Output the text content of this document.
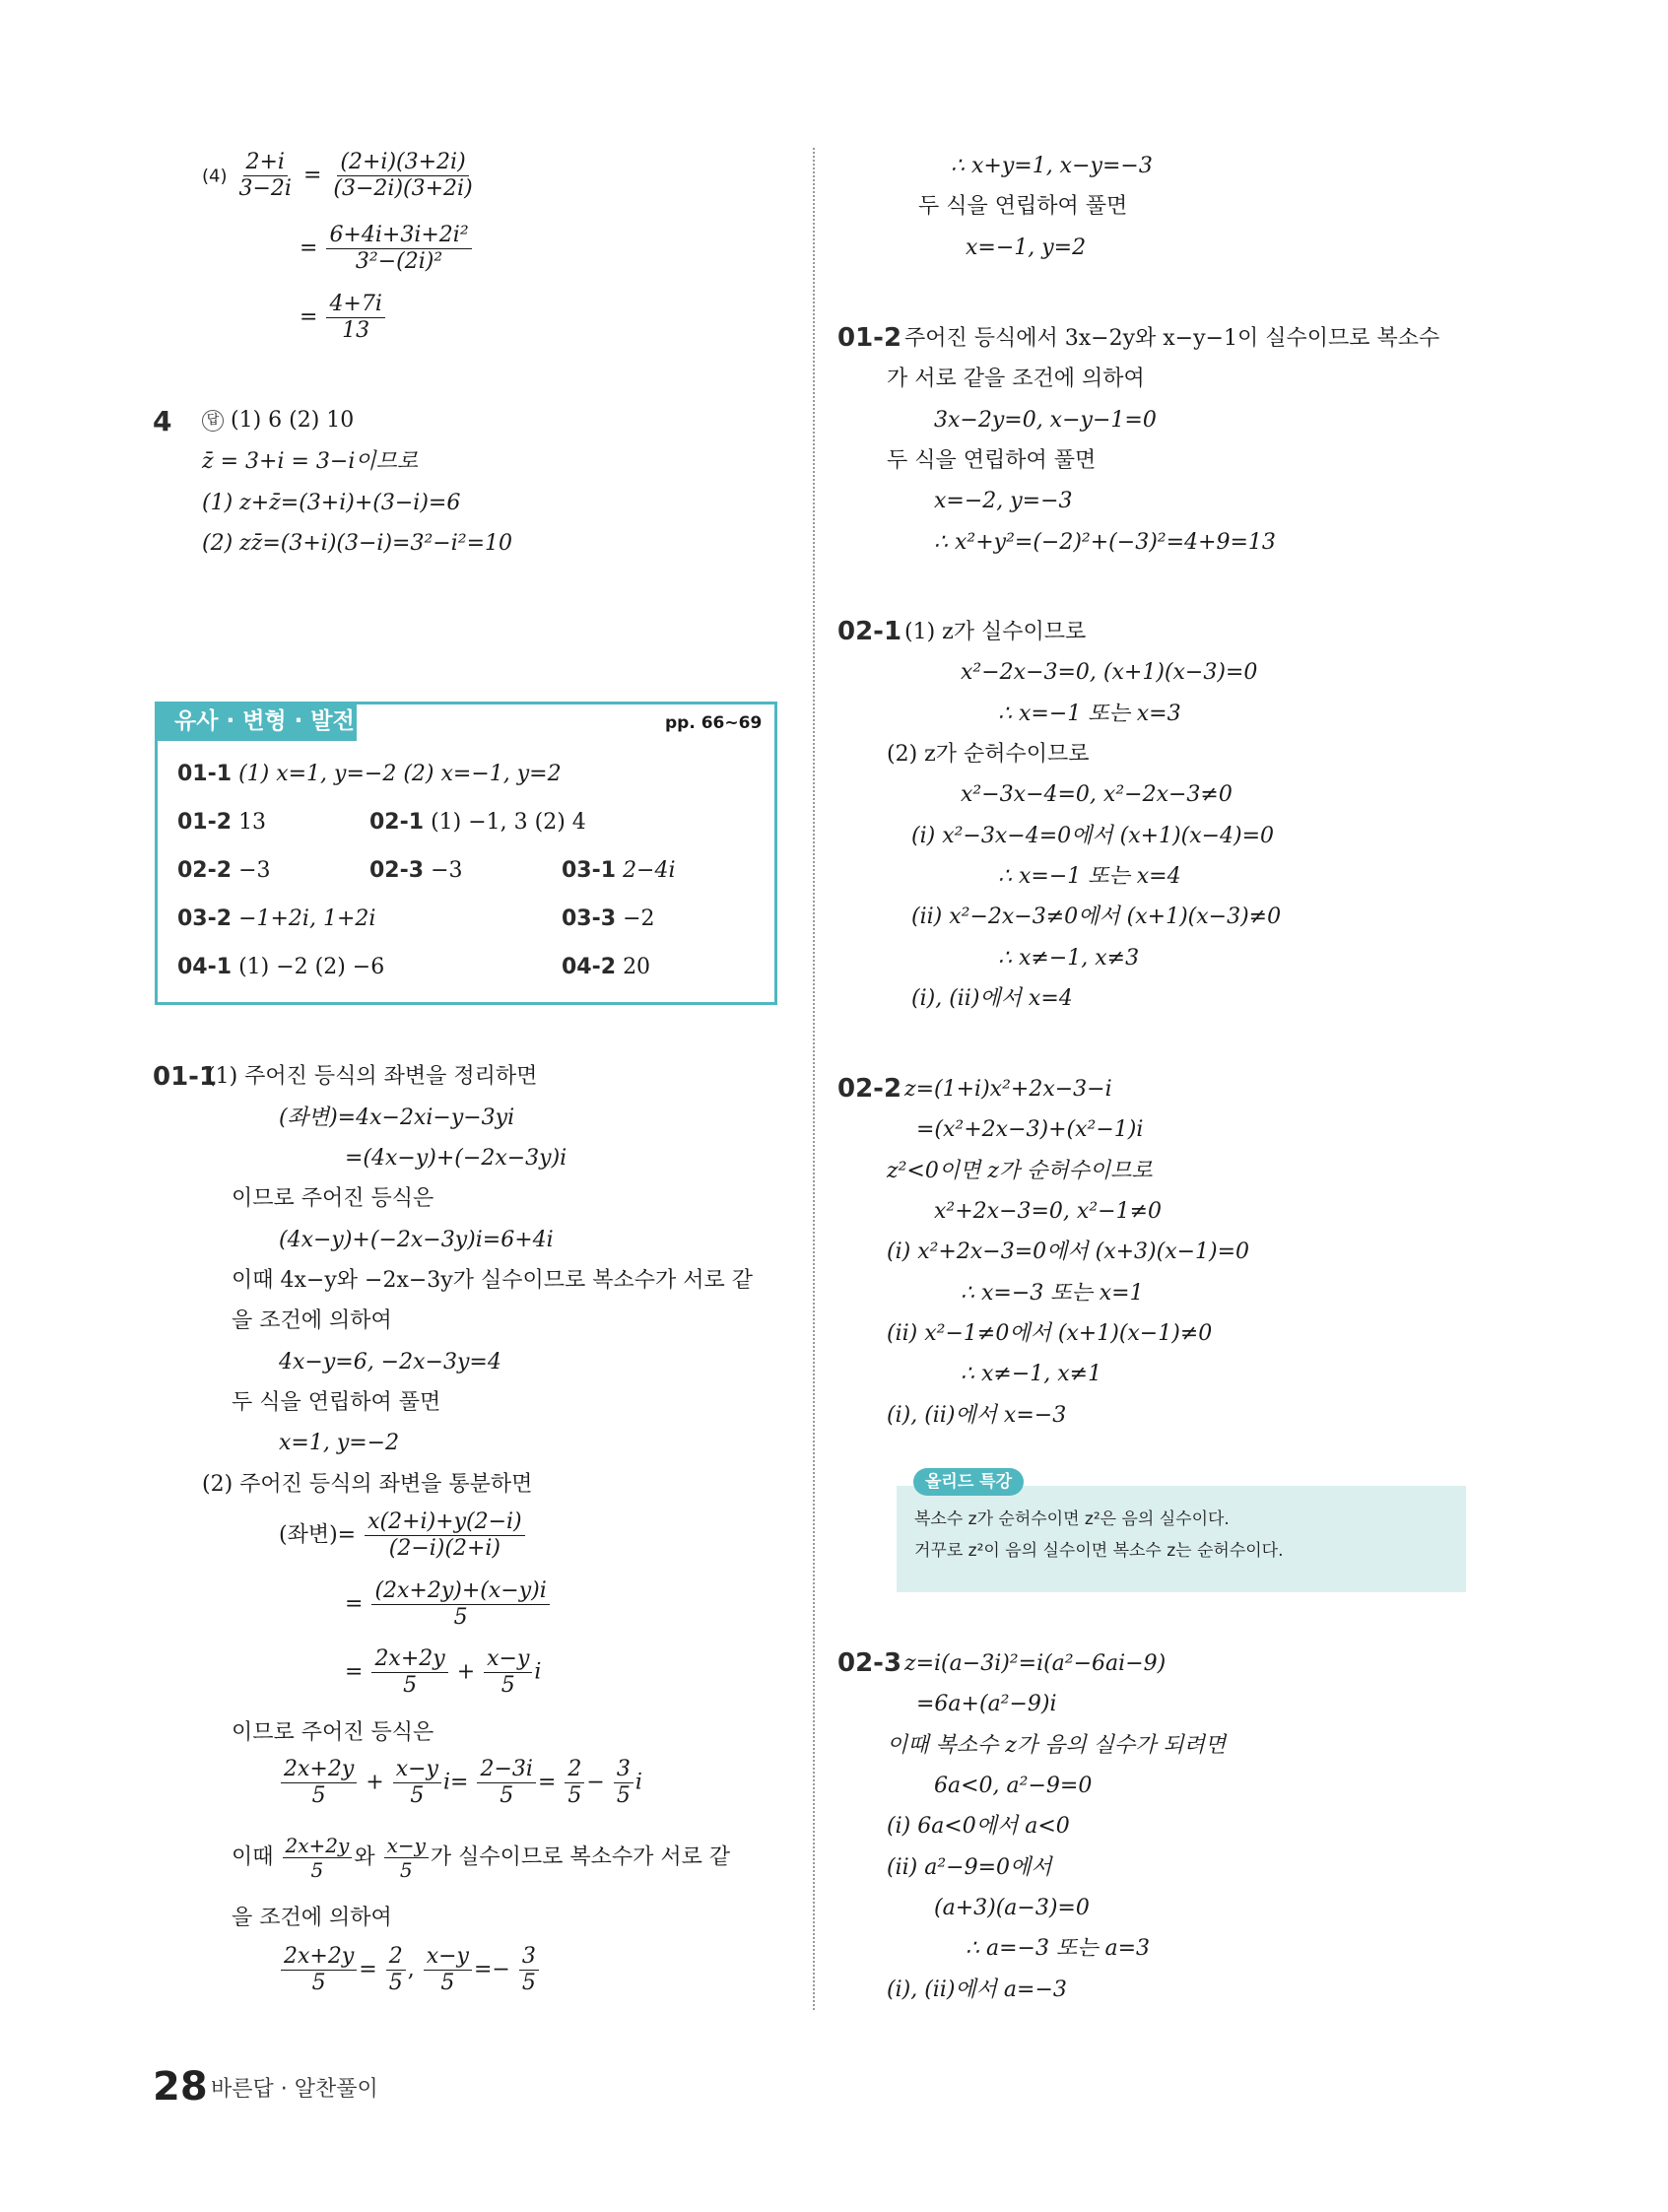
$(4) \frac{2+i}{3-2i} = \frac{(2+i)(3+2i)}{(3-2i)(3+2i)}$
= $\frac{\text{6+4i+3i+2i²}}{\text{3²−(2i)²}}$
= $\frac{4+7i}{13}$
4	답 (1) 6 (2) 10
z̄ = 3+i = 3−i이므로
(1) z+z̄=(3+i)+(3−i)=6
(2) zz̄=(3+i)(3−i)=3²−i²=10
유사 · 변형 · 발전	pp. 66~69
01-1 (1) x=1, y=−2 (2) x=−1, y=2
01-2 13	02-1 (1) −1, 3 (2) 4
02-2 −3	02-3 −3	03-1 2−4i
03-2 −1+2i, 1+2i	03-3 −2
04-1 (1) −2 (2) −6	04-2 20
01-1
(1) 주어진 등식의 좌변을 정리하면
(좌변)=4x−2xi−y−3yi
=(4x−y)+(−2x−3y)i
이므로 주어진 등식은
(4x−y)+(−2x−3y)i=6+4i
이때 4x−y와 −2x−3y가 실수이므로 복소수가 서로 같
을 조건에 의하여
4x−y=6, −2x−3y=4
두 식을 연립하여 풀면
x=1, y=−2
(2) 주어진 등식의 좌변을 통분하면
(좌변)= $\frac{x(2+i)+y(2-i)}{(2-i)(2+i)}$
= $\frac{(2x+2y)+(x-y)i}{5}$
= $\frac{2x+2y}{5} + \frac{x-y}{5}$ i
이므로 주어진 등식은
$\frac{2x+2y}{5} + \frac{x-y}{5} i= \frac{2-3i}{5} = \frac{2}{5} - \frac{3}{5}$ i
이때 $\frac{2x+2y}{5}$ 와 $\frac{x-y}{5}$ 가 실수이므로 복소수가 서로 같
을 조건에 의하여
$\frac{2x+2y}{5} = \frac{2}{5}$ , $\frac{x-y}{5} =- \frac{3}{5}$
∴ x+y=1, x−y=−3
두 식을 연립하여 풀면
x=−1, y=2
01-2 주어진 등식에서 3x−2y와 x−y−1이 실수이므로 복소수
가 서로 같을 조건에 의하여
3x−2y=0, x−y−1=0
두 식을 연립하여 풀면
x=−2, y=−3
∴ x²+y²=(−2)²+(−3)²=4+9=13
02-1 (1) z가 실수이므로
x²−2x−3=0, (x+1)(x−3)=0
∴ x=−1 또는 x=3
(2) z가 순허수이므로
x²−3x−4=0, x²−2x−3≠0
(ⅰ) x²−3x−4=0에서 (x+1)(x−4)=0
∴ x=−1 또는 x=4
(ⅱ) x²−2x−3≠0에서 (x+1)(x−3)≠0
∴ x≠−1, x≠3
(ⅰ), (ⅱ)에서 x=4
02-2 z=(1+i)x²+2x−3−i
=(x²+2x−3)+(x²−1)i
z²<0이면 z가 순허수이므로
x²+2x−3=0, x²−1≠0
(ⅰ) x²+2x−3=0에서 (x+3)(x−1)=0
∴ x=−3 또는 x=1
(ⅱ) x²−1≠0에서 (x+1)(x−1)≠0
∴ x≠−1, x≠1
(ⅰ), (ⅱ)에서 x=−3
올리드 특강
복소수 z가 순허수이면 z²은 음의 실수이다.
거꾸로 z²이 음의 실수이면 복소수 z는 순허수이다.
02-3 z=i(a−3i)²=i(a²−6ai−9)
=6a+(a²−9)i
이때 복소수 z가 음의 실수가 되려면
6a<0, a²−9=0
(ⅰ) 6a<0에서 a<0
(ⅱ) a²−9=0에서
(a+3)(a−3)=0
∴ a=−3 또는 a=3
(ⅰ), (ⅱ)에서 a=−3
28 바른답 · 알찬풀이
